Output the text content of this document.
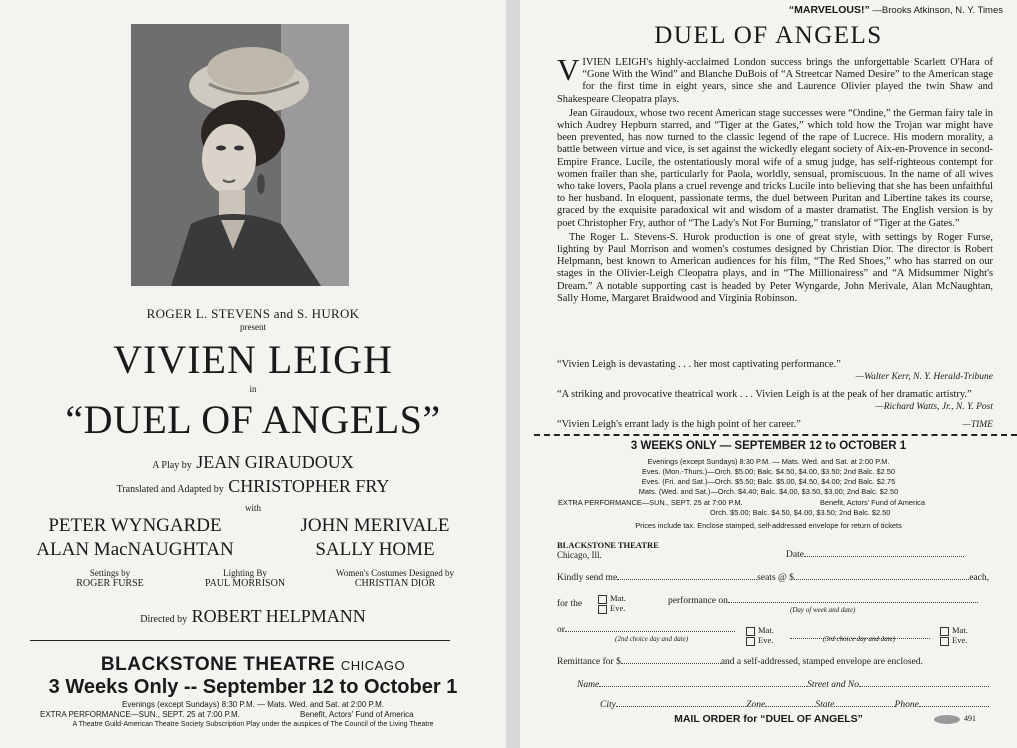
ROGER L. STEVENS and S. HUROK
present
VIVIEN LEIGH
in
“DUEL OF ANGELS”
A Play by JEAN GIRAUDOUX
Translated and Adapted by CHRISTOPHER FRY
with
PETER WYNGARDE	JOHN MERIVALE
ALAN MacNAUGHTAN	SALLY HOME
Settings by
ROGER FURSE
Lighting By
PAUL MORRISON
Women's Costumes Designed by
CHRISTIAN DIOR
Directed by ROBERT HELPMANN
BLACKSTONE THEATRE CHICAGO
3 Weeks Only -- September 12 to October 1
Evenings (except Sundays) 8:30 P.M. — Mats. Wed. and Sat. at 2:00 P.M.
EXTRA PERFORMANCE—SUN., SEPT. 25 at 7:00 P.M.	Benefit, Actors' Fund of America
A Theatre Guild-American Theatre Society Subscription Play under the auspices of The Council of the Living Theatre
“MARVELOUS!” —Brooks Atkinson, N. Y. Times
DUEL OF ANGELS

VIVIEN LEIGH's highly-acclaimed London success brings the unforgettable Scarlett O'Hara of “Gone With the Wind” and Blanche DuBois of “A Streetcar Named Desire” to the American stage for the first time in eight years, since she and Laurence Olivier played the twin Shaw and Shakespeare Cleopatra plays.

Jean Giraudoux, whose two recent American stage successes were “Ondine,” the German fairy tale in which Audrey Hepburn starred, and “Tiger at the Gates,” which told how the Trojan war might have been prevented, has now turned to the classic legend of the rape of Lucrece. His modern morality, a battle between virtue and vice, is set against the wickedly elegant society of Aix-en-Provence in second-Empire France. Lucile, the ostentatiously moral wife of a smug judge, has self-righteous contempt for women frailer than she, particularly for Paola, worldly, sensual, promiscuous. In the name of all wives who take lovers, Paola plans a cruel revenge and tricks Lucile into believing that she has been unfaithful to her husband. In eloquent, passionate terms, the duel between Puritan and Libertine takes its course, graced by the exquisite paradoxical wit and wisdom of a master dramatist. The English version is by poet Christopher Fry, author of “The Lady's Not For Burning,” translator of “Tiger at the Gates.”

The Roger L. Stevens-S. Hurok production is one of great style, with settings by Roger Furse, lighting by Paul Morrison and women's costumes designed by Christian Dior. The director is Robert Helpmann, best known to American audiences for his film, “The Red Shoes,” who has starred on our stages in the Olivier-Leigh Cleopatra plays, and in “The Millionairess” and “A Midsummer Night's Dream.” A notable supporting cast is headed by Peter Wyngarde, John Merivale, Alan McNaughtan, Sally Home, Margaret Braidwood and Virginia Robinson.

“Vivien Leigh is devastating . . . her most captivating performance.”
—Walter Kerr, N. Y. Herald-Tribune
“A striking and provocative theatrical work . . . Vivien Leigh is at the peak of her dramatic artistry.”
—Richard Watts, Jr., N. Y. Post
“Vivien Leigh's errant lady is the high point of her career.”	—TIME
3 WEEKS ONLY — SEPTEMBER 12 to OCTOBER 1
Evenings (except Sundays) 8:30 P.M. — Mats. Wed. and Sat. at 2:00 P.M.
Eves. (Mon.-Thurs.)—Orch. $5.00; Balc. $4.50, $4.00, $3.50; 2nd Balc. $2.50
Eves. (Fri. and Sat.)—Orch. $5.50; Balc. $5.00, $4.50, $4.00; 2nd Balc. $2.75
Mats. (Wed. and Sat.)—Orch. $4.40; Balc. $4.00, $3.50, $3.00; 2nd Balc. $2.50
EXTRA PERFORMANCE—SUN., SEPT. 25 at 7:00 P.M.	Benefit, Actors' Fund of America
Orch. $5.00; Balc. $4.50, $4.00, $3.50; 2nd Balc. $2.50
Prices include tax. Enclose stamped, self-addressed envelope for return of tickets
BLACKSTONE THEATRE
Chicago, Ill.	Date
Kindly send me	seats @ $	each,
for the
Mat.
Eve.
performance on
(Day of week and date)
or
(2nd choice day and date)
Mat.
Eve.	(3rd choice day and date)
Mat.
Eve.
Remittance for $	and a self-addressed, stamped envelope are enclosed.
Name	Street and No
City	Zone	State	Phone
MAIL ORDER for “DUEL OF ANGELS”	491
